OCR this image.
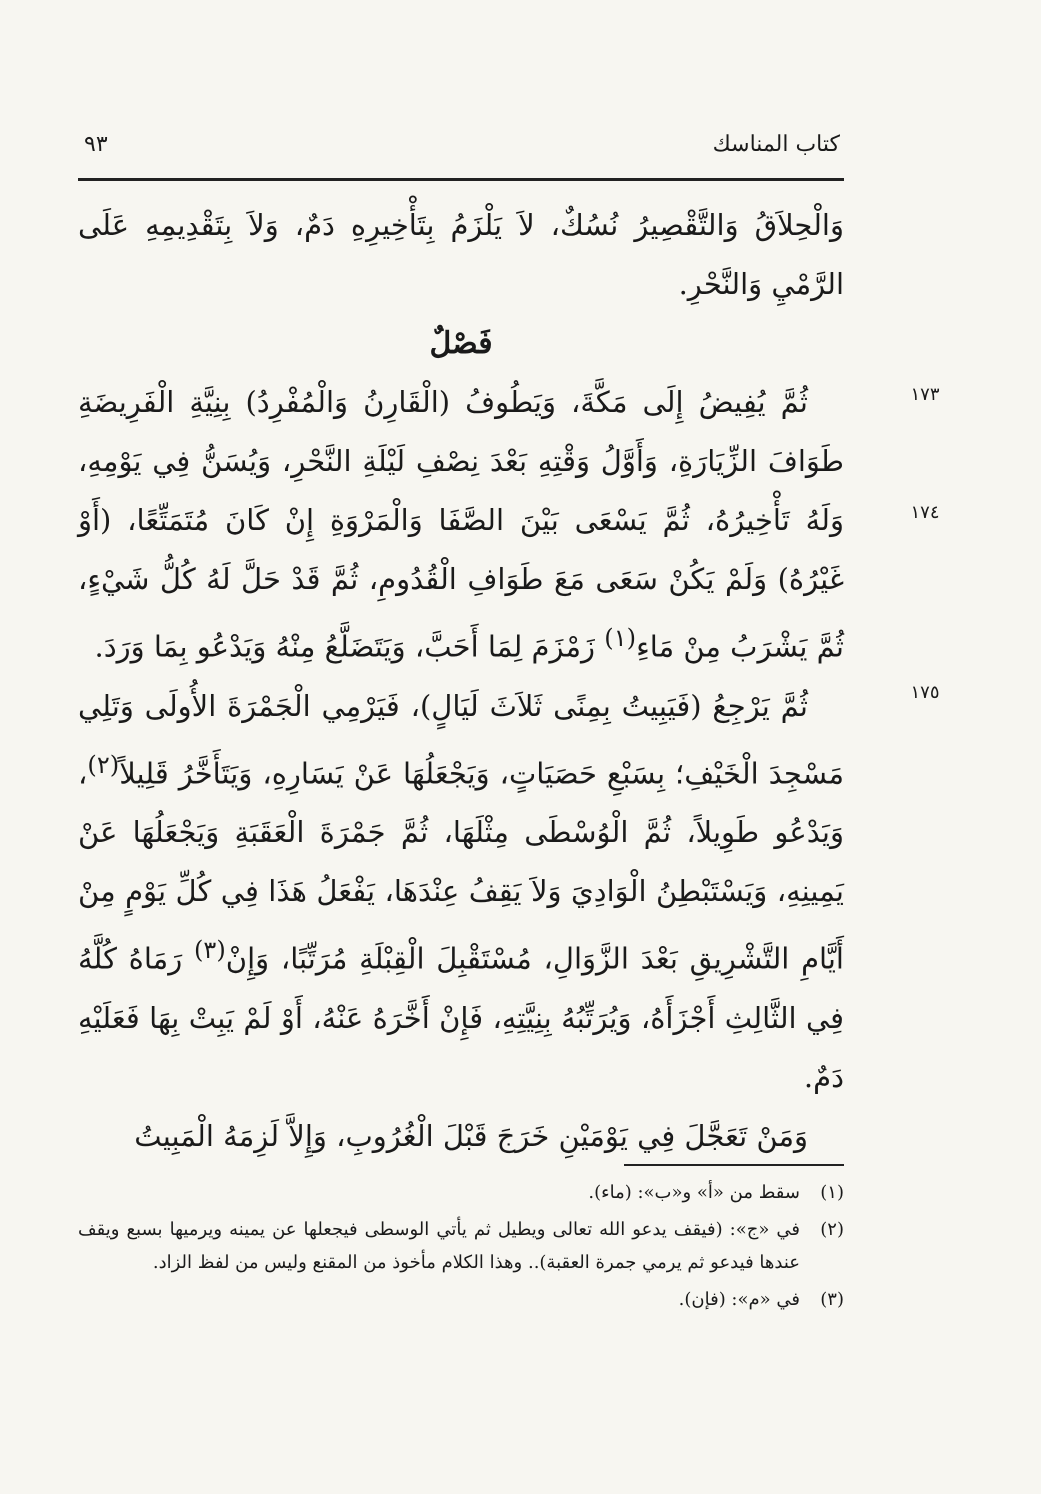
كتاب المناسك
٩٣
١٧٣
١٧٤
١٧٥

وَالْحِلاَقُ وَالتَّقْصِيرُ نُسُكٌ، لاَ يَلْزَمُ بِتَأْخِيرِهِ دَمٌ، وَلاَ بِتَقْدِيمِهِ عَلَى الرَّمْيِ وَالنَّحْرِ.

فَصْلٌ

ثُمَّ يُفِيضُ إِلَى مَكَّةَ، وَيَطُوفُ (الْقَارِنُ وَالْمُفْرِدُ) بِنِيَّةِ الْفَرِيضَةِ طَوَافَ الزِّيَارَةِ، وَأَوَّلُ وَقْتِهِ بَعْدَ نِصْفِ لَيْلَةِ النَّحْرِ، وَيُسَنُّ فِي يَوْمِهِ، وَلَهُ تَأْخِيرُهُ، ثُمَّ يَسْعَى بَيْنَ الصَّفَا وَالْمَرْوَةِ إِنْ كَانَ مُتَمَتِّعًا، (أَوْ غَيْرُهُ) وَلَمْ يَكُنْ سَعَى مَعَ طَوَافِ الْقُدُومِ، ثُمَّ قَدْ حَلَّ لَهُ كُلُّ شَيْءٍ، ثُمَّ يَشْرَبُ مِنْ مَاءِ$^{(١)}$ زَمْزَمَ لِمَا أَحَبَّ، وَيَتَضَلَّعُ مِنْهُ وَيَدْعُو بِمَا وَرَدَ.

ثُمَّ يَرْجِعُ (فَيَبِيتُ بِمِنًى ثَلاَثَ لَيَالٍ)، فَيَرْمِي الْجَمْرَةَ الأُولَى وَتَلِي مَسْجِدَ الْخَيْفِ؛ بِسَبْعِ حَصَيَاتٍ، وَيَجْعَلُهَا عَنْ يَسَارِهِ، وَيَتَأَخَّرُ قَلِيلاً$^{(٢)}$، وَيَدْعُو طَوِيلاً، ثُمَّ الْوُسْطَى مِثْلَهَا، ثُمَّ جَمْرَةَ الْعَقَبَةِ وَيَجْعَلُهَا عَنْ يَمِينِهِ، وَيَسْتَبْطِنُ الْوَادِيَ وَلاَ يَقِفُ عِنْدَهَا، يَفْعَلُ هَذَا فِي كُلِّ يَوْمٍ مِنْ أَيَّامِ التَّشْرِيقِ بَعْدَ الزَّوَالِ، مُسْتَقْبِلَ الْقِبْلَةِ مُرَتِّبًا، وَإِنْ$^{(٣)}$ رَمَاهُ كُلَّهُ فِي الثَّالِثِ أَجْزَأَهُ، وَيُرَتِّبُهُ بِنِيَّتِهِ، فَإِنْ أَخَّرَهُ عَنْهُ، أَوْ لَمْ يَبِتْ بِهَا فَعَلَيْهِ دَمٌ.

وَمَنْ تَعَجَّلَ فِي يَوْمَيْنِ خَرَجَ قَبْلَ الْغُرُوبِ، وَإِلاَّ لَزِمَهُ الْمَبِيتُ

(١)
سقط من «أ» و«ب»: (ماء).
(٢)
في «ج»: (فيقف يدعو الله تعالى ويطيل ثم يأتي الوسطى فيجعلها عن يمينه ويرميها بسبع ويقف عندها فيدعو ثم يرمي جمرة العقبة).. وهذا الكلام مأخوذ من المقنع وليس من لفظ الزاد.
(٣)
في «م»: (فإن).
